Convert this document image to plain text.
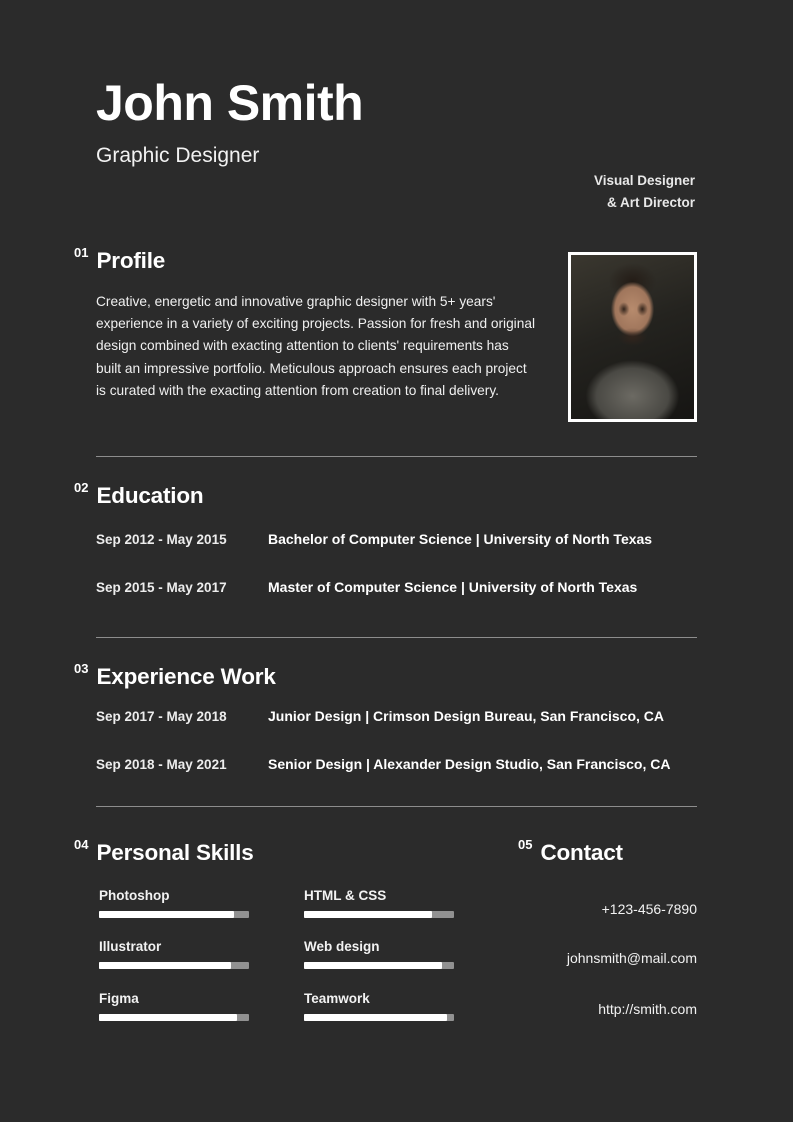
John Smith
Graphic Designer
Visual Designer
& Art Director
01 Profile
Creative, energetic and innovative graphic designer with 5+ years' experience in a variety of exciting projects. Passion for fresh and original design combined with exacting attention to clients' requirements has built an impressive portfolio. Meticulous approach ensures each project is curated with the exacting attention from creation to final delivery.
02 Education
Sep 2012 - May 2015	Bachelor of Computer Science | University of North Texas
Sep 2015 - May 2017	Master of Computer Science | University of North Texas
03 Experience Work
Sep 2017 - May 2018	Junior Design | Crimson Design Bureau, San Francisco, CA
Sep 2018 - May 2021	Senior Design | Alexander Design Studio, San Francisco, CA
04 Personal Skills
Photoshop
Illustrator
Figma
HTML & CSS
Web design
Teamwork
05 Contact
+123-456-7890
johnsmith@mail.com
http://smith.com
